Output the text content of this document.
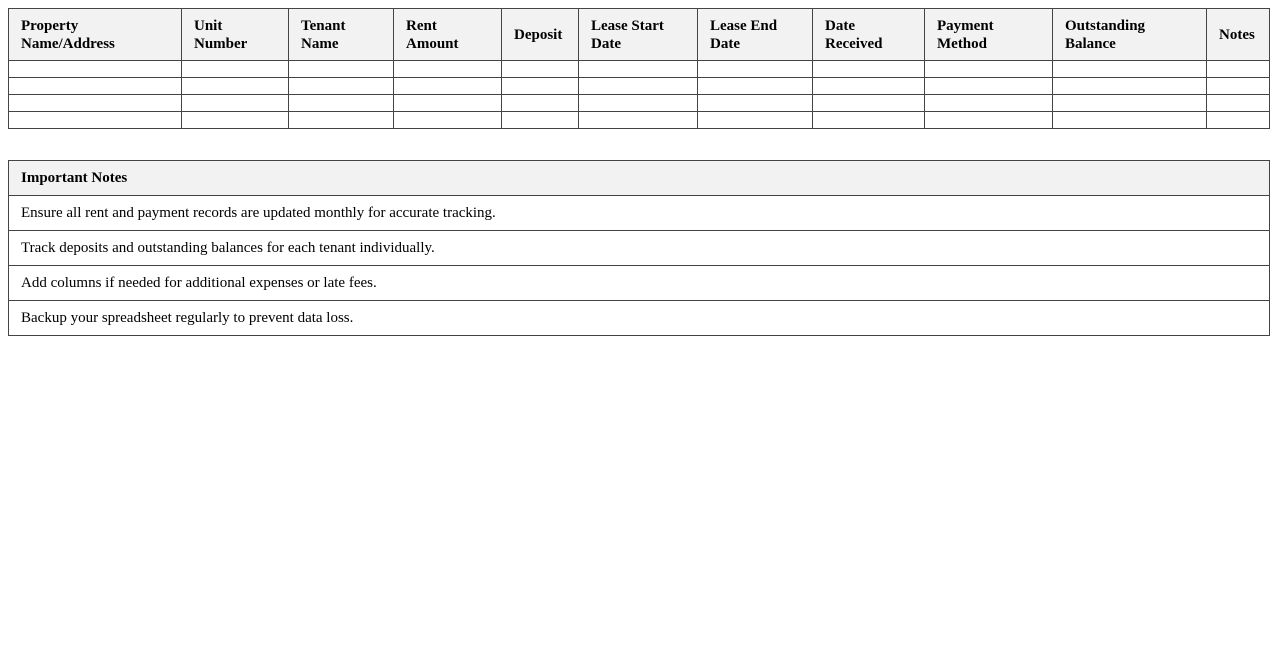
Property Name/Address	Unit Number	Tenant Name	Rent Amount	Deposit	Lease Start Date	Lease End Date	Date Received	Payment Method	Outstanding Balance	Notes

Important Notes
Ensure all rent and payment records are updated monthly for accurate tracking.
Track deposits and outstanding balances for each tenant individually.
Add columns if needed for additional expenses or late fees.
Backup your spreadsheet regularly to prevent data loss.
